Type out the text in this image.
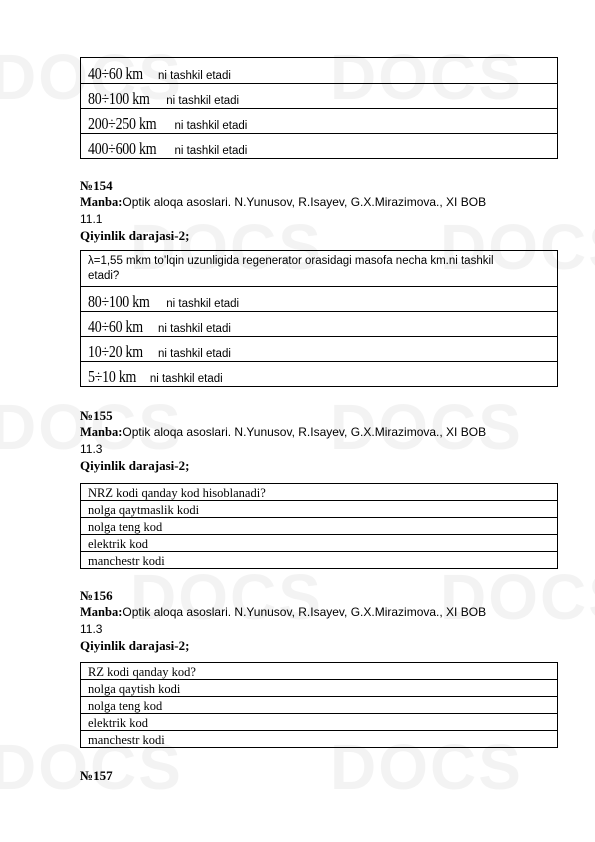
40÷60 km ni tashkil etadi
80÷100 km ni tashkil etadi
200÷250 km ni tashkil etadi
400÷600 km ni tashkil etadi
№154
Manba:Optik aloqa asoslari. N.Yunusov, R.Isayev, G.X.Mirazimova., XI BOB
11.1
Qiyinlik darajasi-2;
λ=1,55 mkm to’lqin uzunligida regenerator orasidagi masofa necha km.ni tashkil
etadi?
80÷100 km ni tashkil etadi
40÷60 km ni tashkil etadi
10÷20 km ni tashkil etadi
5÷10 km ni tashkil etadi
№155
Manba:Optik aloqa asoslari. N.Yunusov, R.Isayev, G.X.Mirazimova., XI BOB
11.3
Qiyinlik darajasi-2;
NRZ kodi qanday kod hisoblanadi?
nolga qaytmaslik kodi
nolga teng kod
elektrik kod
manchestr kodi
№156
Manba:Optik aloqa asoslari. N.Yunusov, R.Isayev, G.X.Mirazimova., XI BOB
11.3
Qiyinlik darajasi-2;
RZ kodi qanday kod?
nolga qaytish kodi
nolga teng kod
elektrik kod
manchestr kodi
№157
